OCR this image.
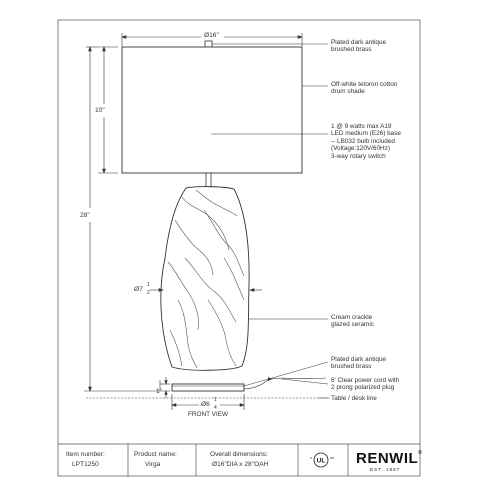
UL
c	us
Ø16"
10"
28"
Ø7
1
2
1"
Ø6
1
4
FRONT VIEW
Plated dark antique
brushed brass
Off-white tetoron cotton
drum shade
1 @ 9 watts max A19
LED medium (E26) base
-- LB032 bulb included
(Voltage:120V/60Hz)
3-way rotary switch
Cream crackle
glazed ceramic
Plated dark antique
brushed brass
6' Clear power cord with
2 prong polarized plug
Table / desk line
Item number:
LPT1250
Product name:
Virga
Overall dimensions:
Ø16"DIA x 28"OAH	RENWIL®
EST. 1967
